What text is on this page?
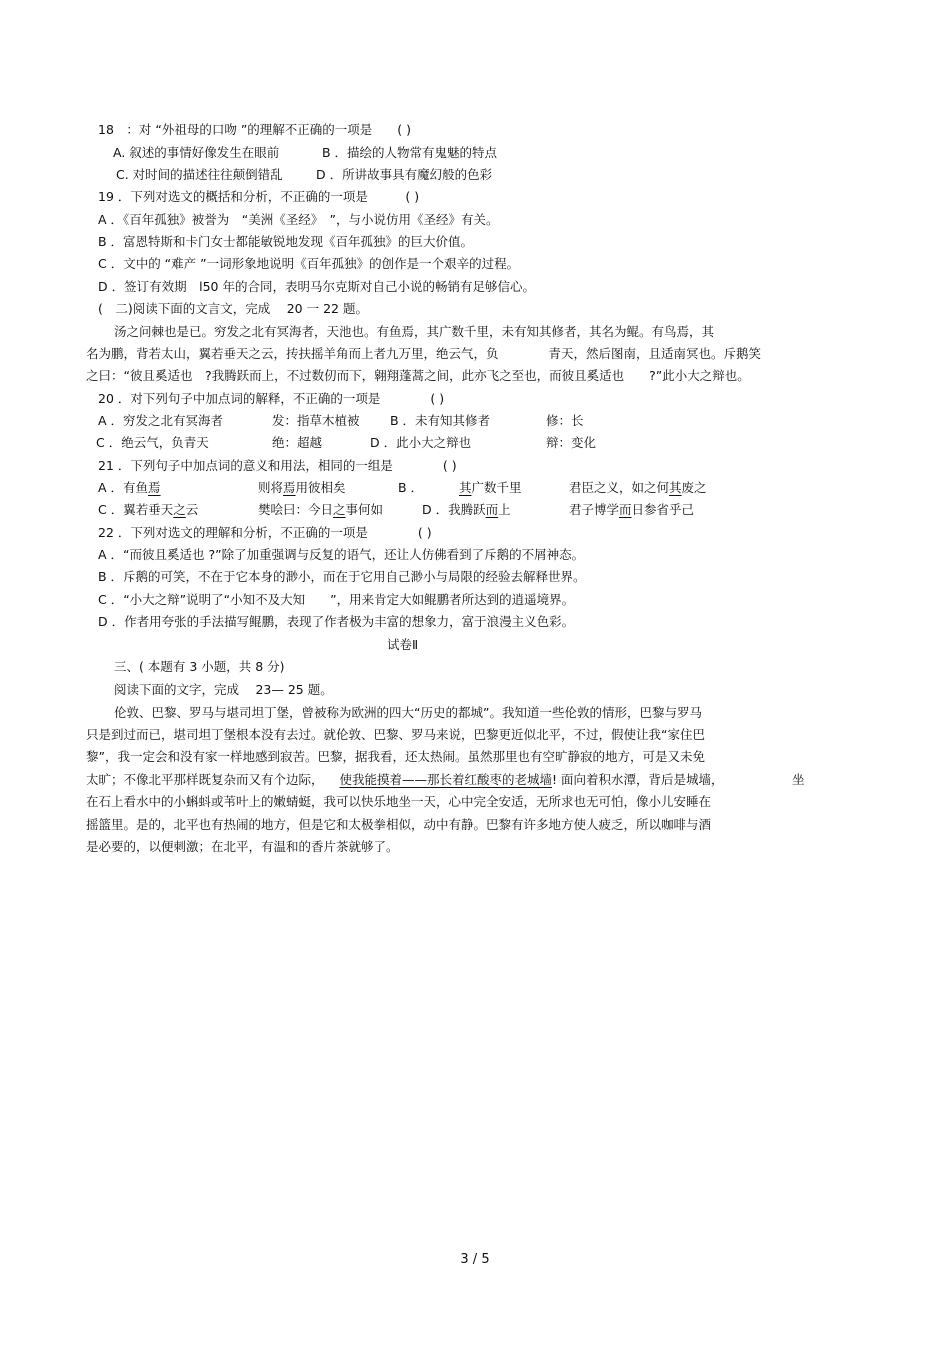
18　：对 “外祖母的口吻 ”的理解不正确的一项是　　( )
A. 叙述的事情好像发生在眼前	B ．描绘的人物常有鬼魅的特点
C. 对时间的描述往往颠倒错乱	D ．所讲故事具有魔幻般的色彩
19 ．下列对选文的概括和分析，不正确的一项是　　　( )
A ．《百年孤独》被誉为　“美洲《圣经》　”，与小说仿用《圣经》有关。
B ．富恩特斯和卡门女士都能敏锐地发现《百年孤独》的巨大价值。
C ．文中的 “难产 ”一词形象地说明《百年孤独》的创作是一个艰辛的过程。
D ．签订有效期　l50 年的合同，表明马尔克斯对自己小说的畅销有足够信心。
(　二)阅读下面的文言文，完成　 20 一 22 题。
汤之问棘也是已。穷发之北有冥海者，天池也。有鱼焉，其广数千里，未有知其修者，其名为鲲。有鸟焉，其
名为鹏，背若太山，翼若垂天之云，抟扶摇羊角而上者九万里，绝云气，负　　　　青天，然后图南，且适南冥也。斥鹅笑
之曰：“彼且奚适也　?我腾跃而上，不过数仞而下，翱翔蓬蒿之间，此亦飞之至也，而彼且奚适也　　?”此小大之辩也。
20 ．对下列句子中加点词的解释，不正确的一项是　　　　( )
A ．穷发之北有冥海者	发：指草木植被 B ．未有知其修者	修：长
C ．绝云气，负青天	绝：超越	D ．此小大之辩也	辩：变化
21 ．下列句子中加点词的意义和用法，相同的一组是　　　　( )
A ．有鱼焉	则将焉用彼相矣	B ．	其广数千里	君臣之义，如之何其废之
C ．翼若垂天之云	樊哙曰：今日之事何如	D ．我腾跃而上	君子博学而日参省乎己
22 ．下列对选文的理解和分析，不正确的一项是　　　　( )
A ．“而彼且奚适也 ?”除了加重强调与反复的语气，还让人仿佛看到了斥鹅的不屑神态。
B ．斥鹅的可笑，不在于它本身的渺小，而在于它用自己渺小与局限的经验去解释世界。
C ．“小大之辩”说明了“小知不及大知　　”，用来肯定大如鲲鹏者所达到的逍遥境界。
D ．作者用夸张的手法描写鲲鹏，表现了作者极为丰富的想象力，富于浪漫主义色彩。
试卷Ⅱ
三、( 本题有 3 小题，共 8 分)
阅读下面的文字，完成　 23— 25 题。
伦敦、巴黎、罗马与堪司坦丁堡，曾被称为欧洲的四大“历史的都城”。我知道一些伦敦的情形，巴黎与罗马
只是到过而已，堪司坦丁堡根本没有去过。就伦敦、巴黎、罗马来说，巴黎更近似北平，不过，假使让我“家住巴
黎”，我一定会和没有家一样地感到寂苦。巴黎，据我看，还太热闹。虽然那里也有空旷静寂的地方，可是又未免
太旷；不像北平那样既复杂而又有个边际， 使我能摸着——那长着红酸枣的老城墙! 面向着积水潭，背后是城墙，	坐
在石上看水中的小蝌蚪或苇叶上的嫩蜻蜓，我可以快乐地坐一天，心中完全安适，无所求也无可怕，像小儿安睡在
摇篮里。是的，北平也有热闹的地方，但是它和太极拳相似，动中有静。巴黎有许多地方使人疲乏，所以咖啡与酒
是必要的，以便刺激；在北平，有温和的香片茶就够了。
3 / 5
